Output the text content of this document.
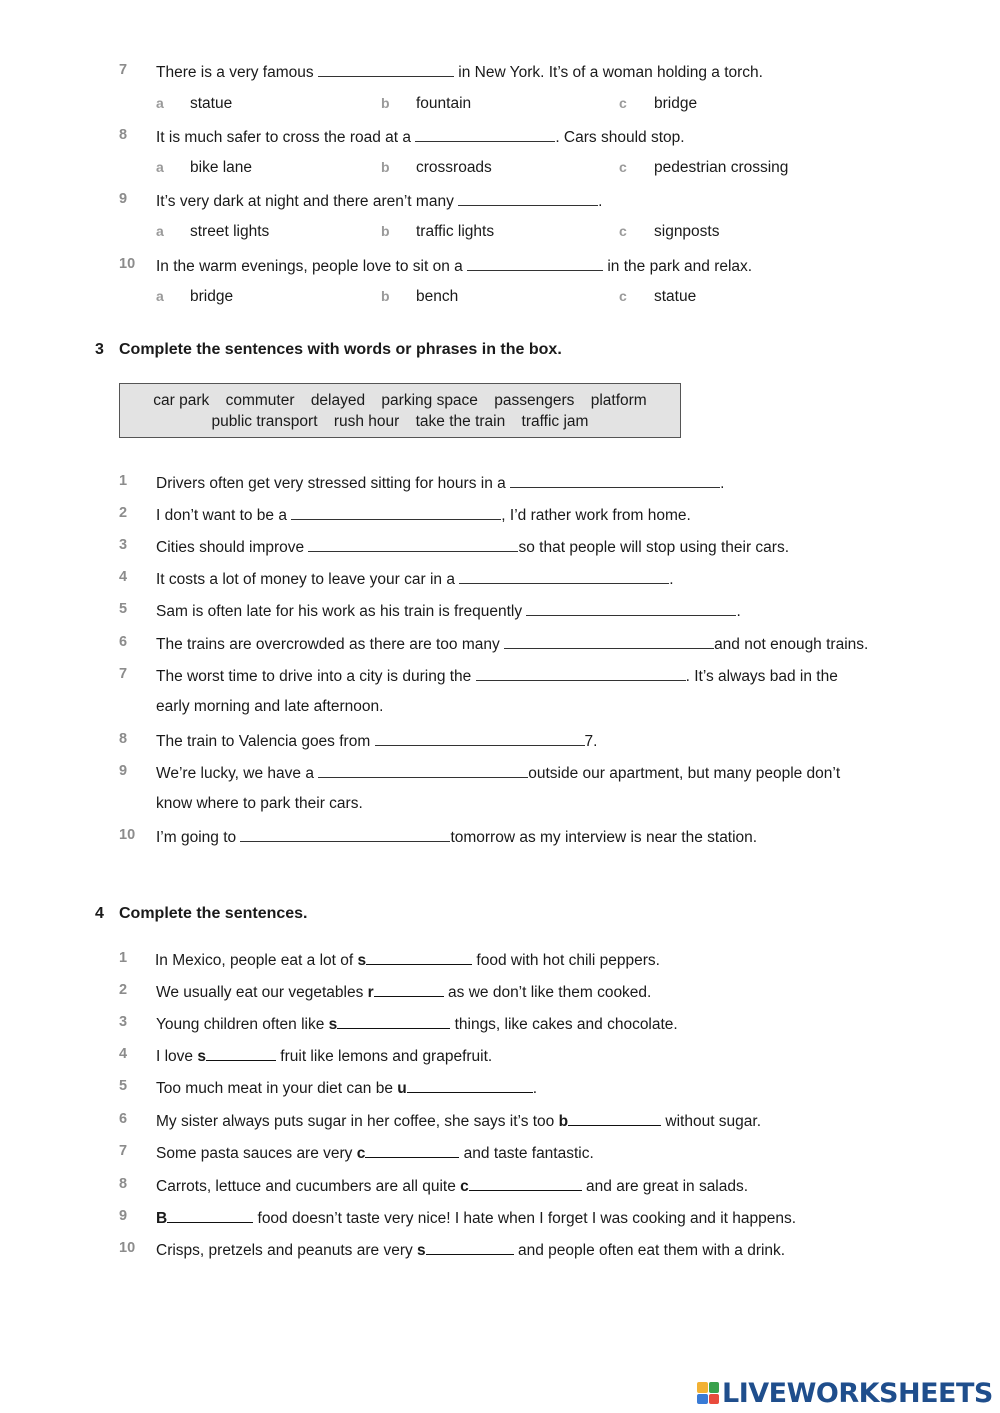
7 There is a very famous	in New York. It’s of a woman holding a torch.
a statue	b fountain	c bridge
8 It is much safer to cross the road at a	. Cars should stop.
a bike lane	b crossroads	c pedestrian crossing
9 It’s very dark at night and there aren’t many	.
a street lights	b traffic lights	c signposts
10 In the warm evenings, people love to sit on a	in the park and relax.
a bridge	b bench	c statue
3 Complete the sentences with words or phrases in the box.
car park commuter delayed parking space passengers platform
public transport rush hour take the train traffic jam
1 Drivers often get very stressed sitting for hours in a	.
2 I don’t want to be a	, I’d rather work from home.
3 Cities should improve	so that people will stop using their cars.
4 It costs a lot of money to leave your car in a	.
5 Sam is often late for his work as his train is frequently	.
6 The trains are overcrowded as there are too many	and not enough trains.
7 The worst time to drive into a city is during the	. It’s always bad in the
early morning and late afternoon.
8 The train to Valencia goes from	7.
9 We’re lucky, we have a	outside our apartment, but many people don’t
know where to park their cars.
10 I’m going to	tomorrow as my interview is near the station.
4 Complete the sentences.
1 In Mexico, people eat a lot of s	food with hot chili peppers.
2 We usually eat our vegetables r	as we don’t like them cooked.
3 Young children often like s	things, like cakes and chocolate.
4 I love s	fruit like lemons and grapefruit.
5 Too much meat in your diet can be u	.
6 My sister always puts sugar in her coffee, she says it’s too b	without sugar.
7 Some pasta sauces are very c	and taste fantastic.
8 Carrots, lettuce and cucumbers are all quite c	and are great in salads.
9 B	food doesn’t taste very nice! I hate when I forget I was cooking and it happens.
10 Crisps, pretzels and peanuts are very s	and people often eat them with a drink.
LIVEWORKSHEETS
